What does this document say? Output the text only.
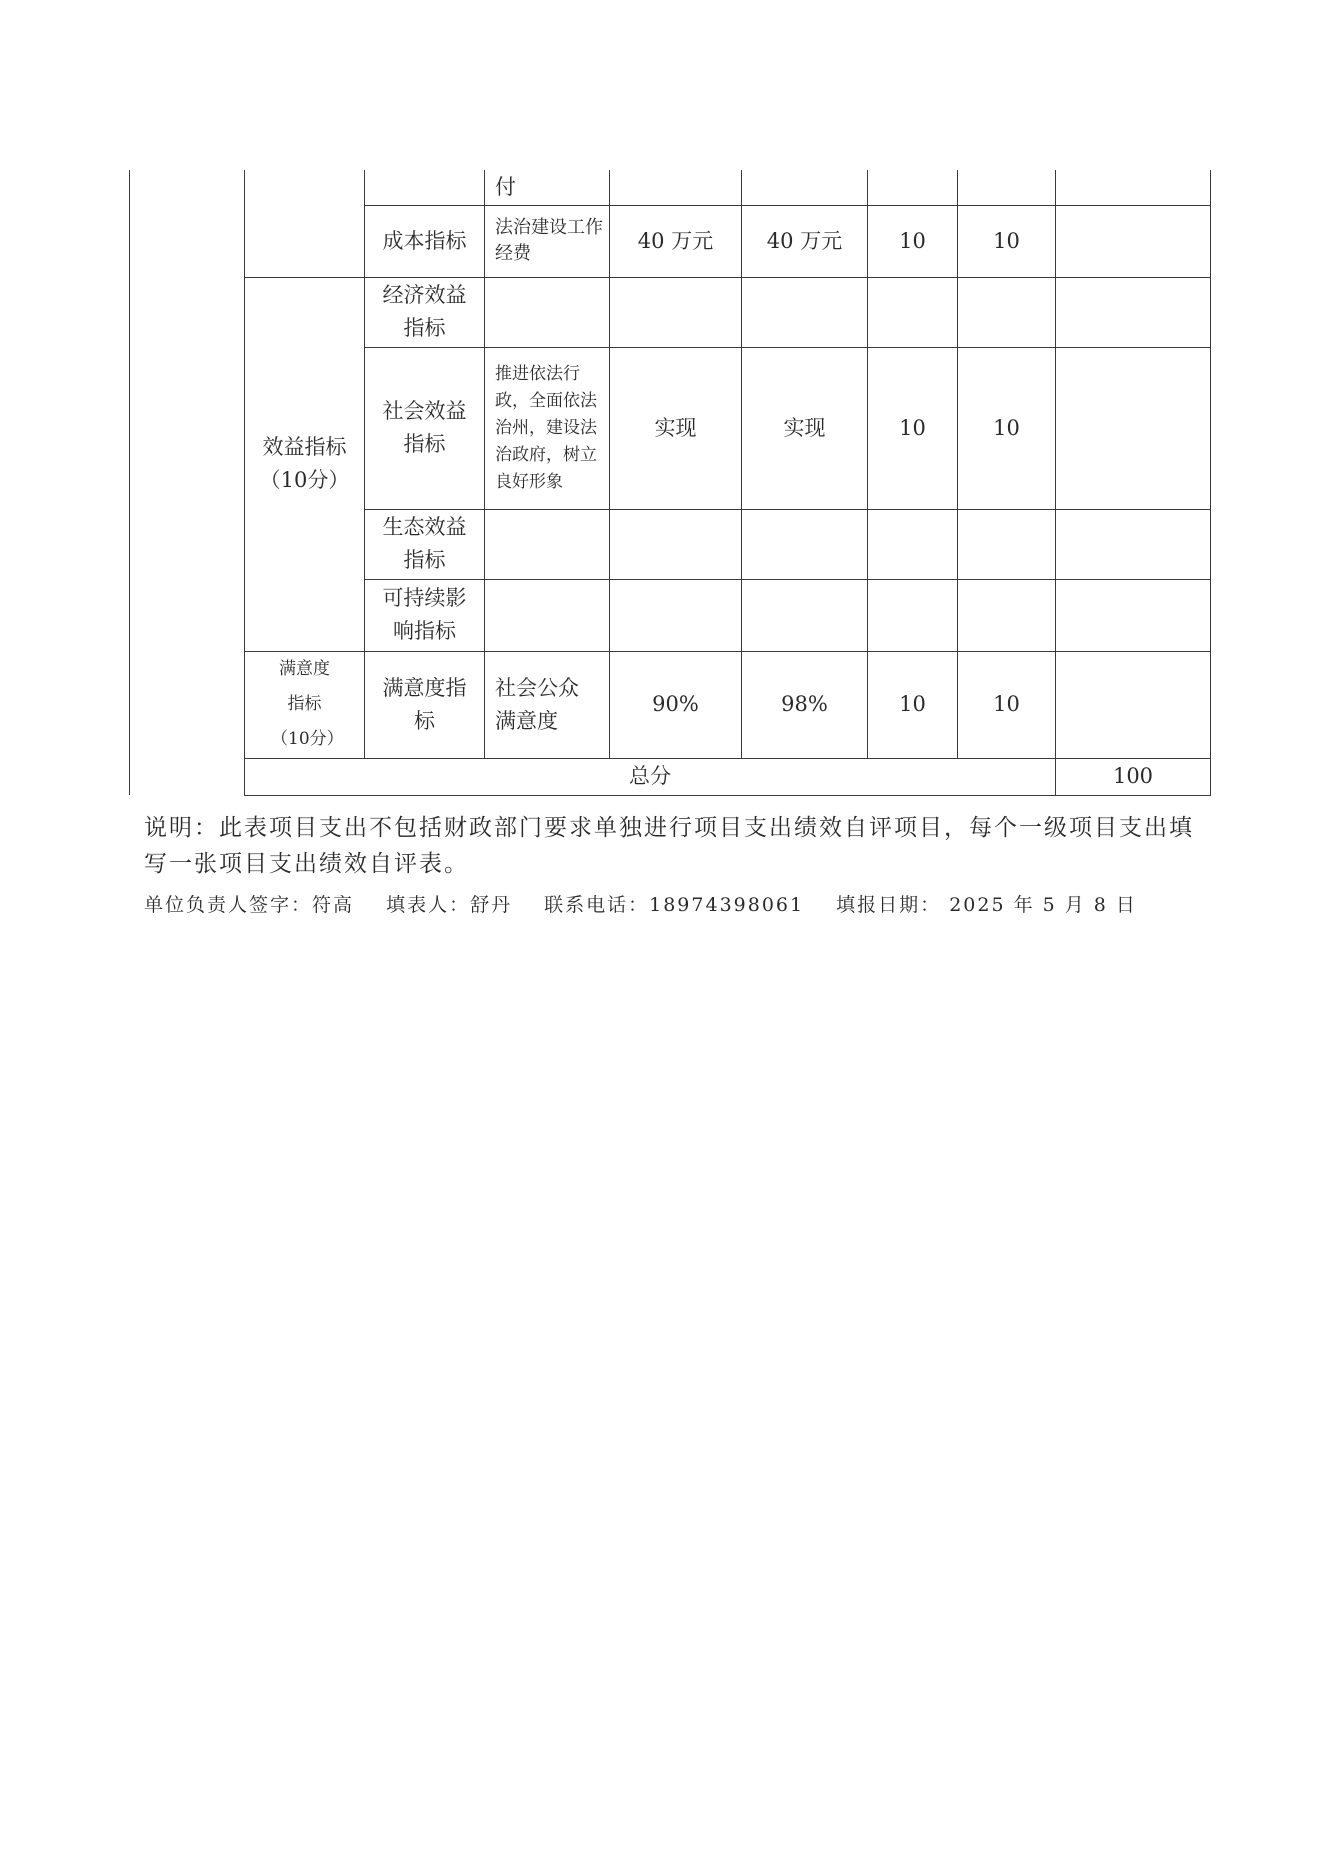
			付						
		成本指标	法治建设工作经费	40 万元	40 万元	10	10		
	效益指标（10分）	经济效益指标							
		社会效益指标	推进依法行政，全面依法治州，建设法治政府，树立良好形象	实现	实现	10	10		
		生态效益指标							
		可持续影响指标							
	满意度指标（10分）	满意度指标	社会公众满意度	90%	98%	10	10		
	总分							100		
说明：此表项目支出不包括财政部门要求单独进行项目支出绩效自评项目，每个一级项目支出填写一张项目支出绩效自评表。
单位负责人签字：符高 填表人：舒丹 联系电话：18974398061 填报日期： 2025 年 5 月 8 日
